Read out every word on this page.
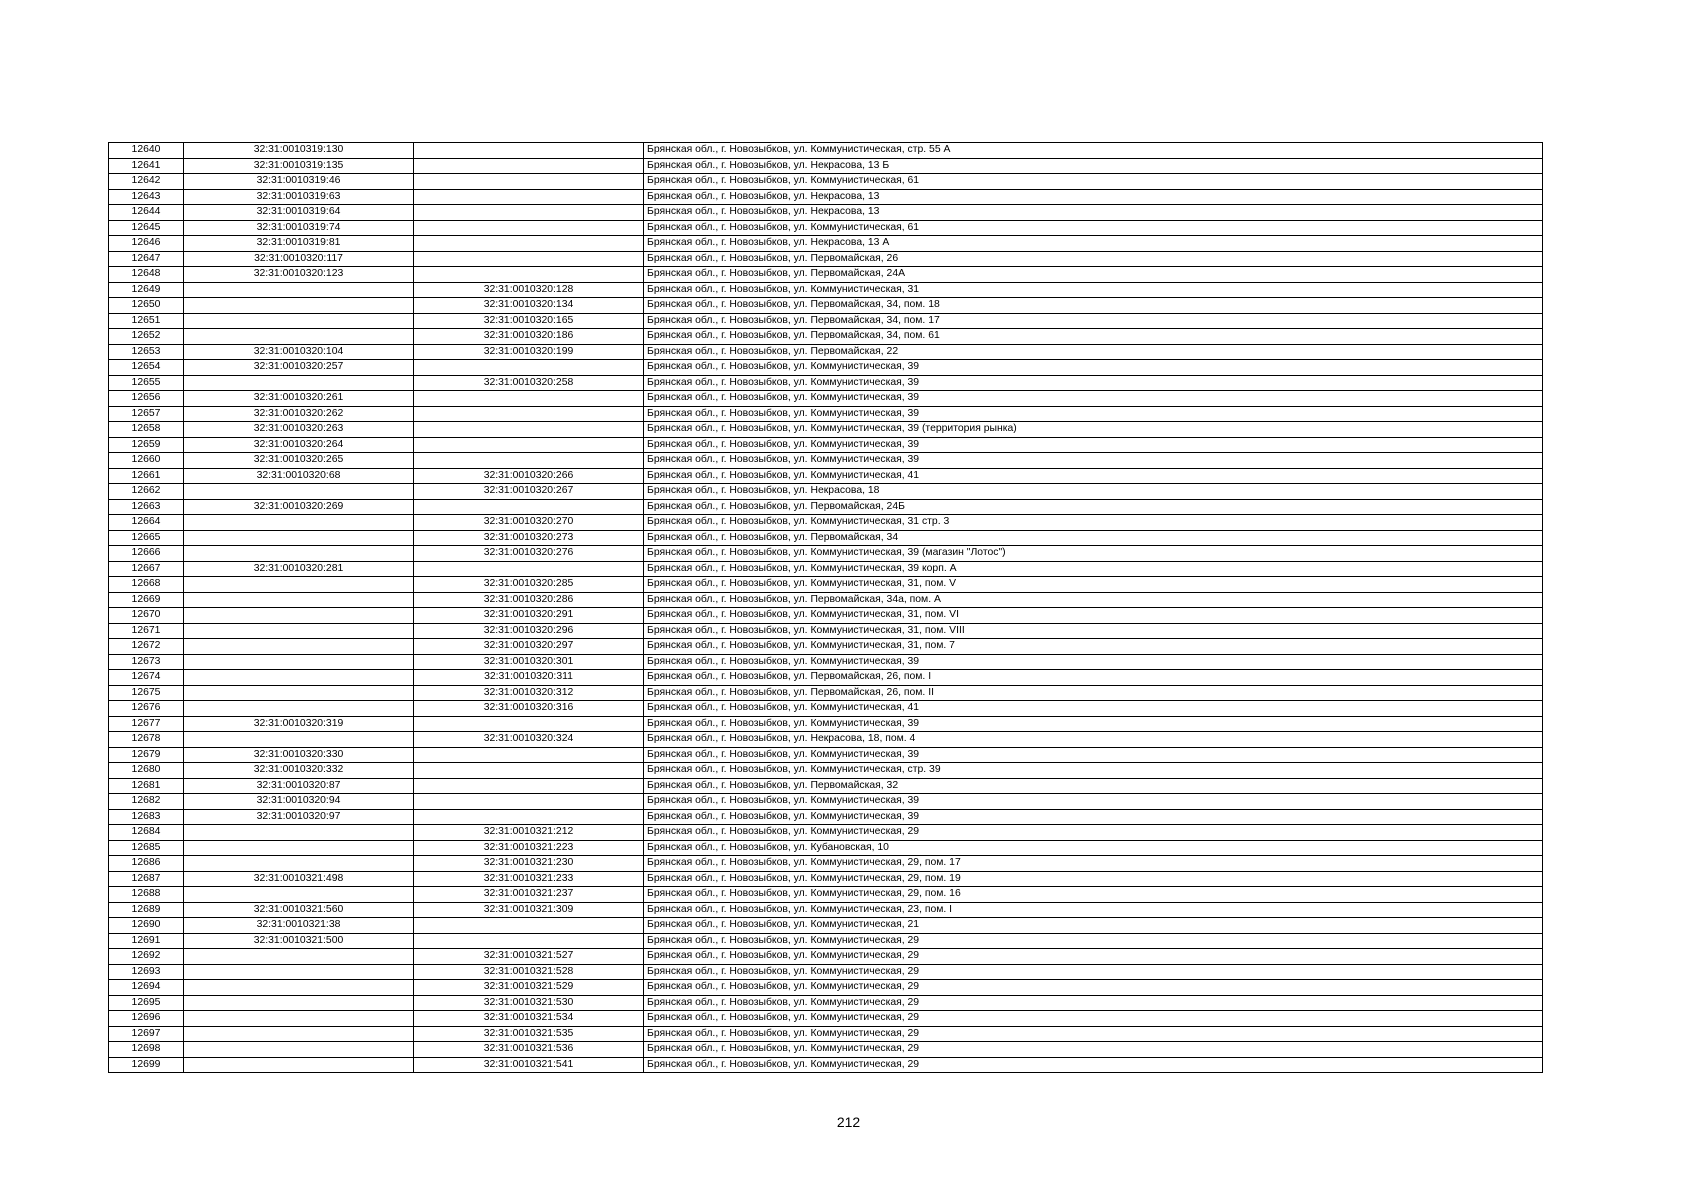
12640	32:31:0010319:130		Брянская обл., г. Новозыбков, ул. Коммунистическая, стр. 55 А
12641	32:31:0010319:135		Брянская обл., г. Новозыбков, ул. Некрасова, 13 Б
12642	32:31:0010319:46		Брянская обл., г. Новозыбков, ул. Коммунистическая, 61
12643	32:31:0010319:63		Брянская обл., г. Новозыбков, ул. Некрасова, 13
12644	32:31:0010319:64		Брянская обл., г. Новозыбков, ул. Некрасова, 13
12645	32:31:0010319:74		Брянская обл., г. Новозыбков, ул. Коммунистическая, 61
12646	32:31:0010319:81		Брянская обл., г. Новозыбков, ул. Некрасова, 13 А
12647	32:31:0010320:117		Брянская обл., г. Новозыбков, ул. Первомайская, 26
12648	32:31:0010320:123		Брянская обл., г. Новозыбков, ул. Первомайская, 24А
12649		32:31:0010320:128	Брянская обл., г. Новозыбков, ул. Коммунистическая, 31
12650		32:31:0010320:134	Брянская обл., г. Новозыбков, ул. Первомайская, 34, пом. 18
12651		32:31:0010320:165	Брянская обл., г. Новозыбков, ул. Первомайская, 34, пом. 17
12652		32:31:0010320:186	Брянская обл., г. Новозыбков, ул. Первомайская, 34, пом. 61
12653	32:31:0010320:104	32:31:0010320:199	Брянская обл., г. Новозыбков, ул. Первомайская, 22
12654	32:31:0010320:257		Брянская обл., г. Новозыбков, ул. Коммунистическая, 39
12655		32:31:0010320:258	Брянская обл., г. Новозыбков, ул. Коммунистическая, 39
12656	32:31:0010320:261		Брянская обл., г. Новозыбков, ул. Коммунистическая, 39
12657	32:31:0010320:262		Брянская обл., г. Новозыбков, ул. Коммунистическая, 39
12658	32:31:0010320:263		Брянская обл., г. Новозыбков, ул. Коммунистическая, 39 (территория рынка)
12659	32:31:0010320:264		Брянская обл., г. Новозыбков, ул. Коммунистическая, 39
12660	32:31:0010320:265		Брянская обл., г. Новозыбков, ул. Коммунистическая, 39
12661	32:31:0010320:68	32:31:0010320:266	Брянская обл., г. Новозыбков, ул. Коммунистическая, 41
12662		32:31:0010320:267	Брянская обл., г. Новозыбков, ул. Некрасова, 18
12663	32:31:0010320:269		Брянская обл., г. Новозыбков, ул. Первомайская, 24Б
12664		32:31:0010320:270	Брянская обл., г. Новозыбков, ул. Коммунистическая, 31 стр. 3
12665		32:31:0010320:273	Брянская обл., г. Новозыбков, ул. Первомайская, 34
12666		32:31:0010320:276	Брянская обл., г. Новозыбков, ул. Коммунистическая, 39 (магазин "Лотос")
12667	32:31:0010320:281		Брянская обл., г. Новозыбков, ул. Коммунистическая, 39 корп. А
12668		32:31:0010320:285	Брянская обл., г. Новозыбков, ул. Коммунистическая, 31, пом. V
12669		32:31:0010320:286	Брянская обл., г. Новозыбков, ул. Первомайская, 34а, пом. А
12670		32:31:0010320:291	Брянская обл., г. Новозыбков, ул. Коммунистическая, 31, пом. VI
12671		32:31:0010320:296	Брянская обл., г. Новозыбков, ул. Коммунистическая, 31, пом. VIII
12672		32:31:0010320:297	Брянская обл., г. Новозыбков, ул. Коммунистическая, 31, пом. 7
12673		32:31:0010320:301	Брянская обл., г. Новозыбков, ул. Коммунистическая, 39
12674		32:31:0010320:311	Брянская обл., г. Новозыбков, ул. Первомайская, 26, пом. I
12675		32:31:0010320:312	Брянская обл., г. Новозыбков, ул. Первомайская, 26, пом. II
12676		32:31:0010320:316	Брянская обл., г. Новозыбков, ул. Коммунистическая, 41
12677	32:31:0010320:319		Брянская обл., г. Новозыбков, ул. Коммунистическая, 39
12678		32:31:0010320:324	Брянская обл., г. Новозыбков, ул. Некрасова, 18, пом. 4
12679	32:31:0010320:330		Брянская обл., г. Новозыбков, ул. Коммунистическая, 39
12680	32:31:0010320:332		Брянская обл., г. Новозыбков, ул. Коммунистическая, стр. 39
12681	32:31:0010320:87		Брянская обл., г. Новозыбков, ул. Первомайская, 32
12682	32:31:0010320:94		Брянская обл., г. Новозыбков, ул. Коммунистическая, 39
12683	32:31:0010320:97		Брянская обл., г. Новозыбков, ул. Коммунистическая, 39
12684		32:31:0010321:212	Брянская обл., г. Новозыбков, ул. Коммунистическая, 29
12685		32:31:0010321:223	Брянская обл., г. Новозыбков, ул. Кубановская, 10
12686		32:31:0010321:230	Брянская обл., г. Новозыбков, ул. Коммунистическая, 29, пом. 17
12687	32:31:0010321:498	32:31:0010321:233	Брянская обл., г. Новозыбков, ул. Коммунистическая, 29, пом. 19
12688		32:31:0010321:237	Брянская обл., г. Новозыбков, ул. Коммунистическая, 29, пом. 16
12689	32:31:0010321:560	32:31:0010321:309	Брянская обл., г. Новозыбков, ул. Коммунистическая, 23, пом. I
12690	32:31:0010321:38		Брянская обл., г. Новозыбков, ул. Коммунистическая, 21
12691	32:31:0010321:500		Брянская обл., г. Новозыбков, ул. Коммунистическая, 29
12692		32:31:0010321:527	Брянская обл., г. Новозыбков, ул. Коммунистическая, 29
12693		32:31:0010321:528	Брянская обл., г. Новозыбков, ул. Коммунистическая, 29
12694		32:31:0010321:529	Брянская обл., г. Новозыбков, ул. Коммунистическая, 29
12695		32:31:0010321:530	Брянская обл., г. Новозыбков, ул. Коммунистическая, 29
12696		32:31:0010321:534	Брянская обл., г. Новозыбков, ул. Коммунистическая, 29
12697		32:31:0010321:535	Брянская обл., г. Новозыбков, ул. Коммунистическая, 29
12698		32:31:0010321:536	Брянская обл., г. Новозыбков, ул. Коммунистическая, 29
12699		32:31:0010321:541	Брянская обл., г. Новозыбков, ул. Коммунистическая, 29
212
